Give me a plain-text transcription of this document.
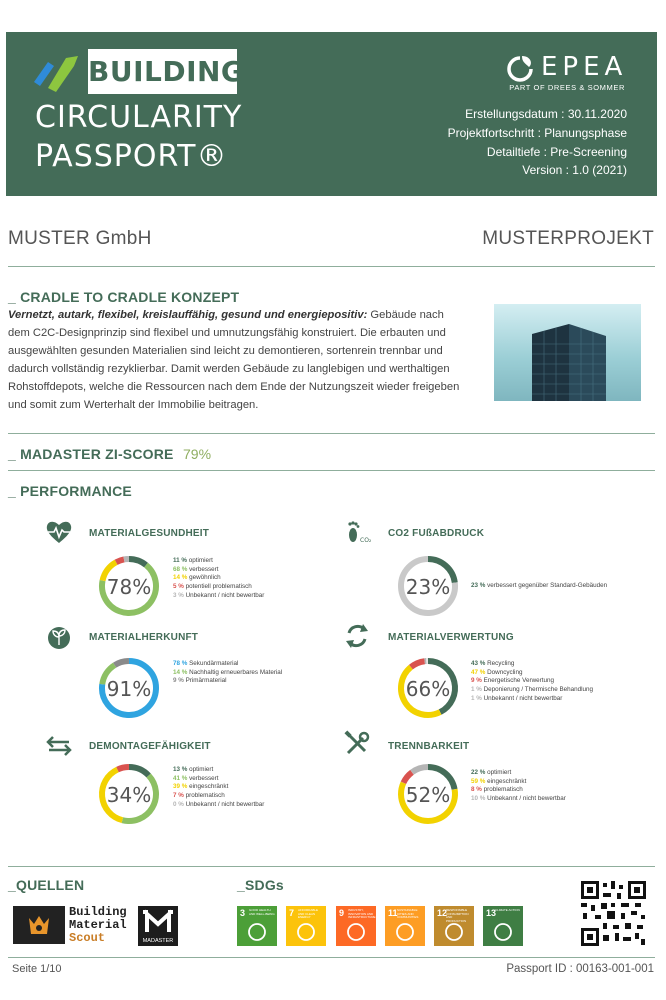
BUILDING
CIRCULARITY
PASSPORT®
EPEA
PART OF DREES & SOMMER
Erstellungsdatum : 30.11.2020
Projektfortschritt : Planungsphase
Detailtiefe : Pre-Screening
Version : 1.0 (2021)
MUSTER GmbH	MUSTERPROJEKT
_ CRADLE TO CRADLE KONZEPT
Vernetzt, autark, flexibel, kreislauffähig, gesund und energiepositiv: Gebäude nach dem C2C-Designprinzip sind flexibel und umnutzungsfähig konstruiert. Die erbauten und ausgewählten gesunden Materialien sind leicht zu demontieren, sortenrein trennbar und dadurch vollständig rezyklierbar. Damit werden Gebäude zu langlebigen und werthaltigen Rohstoffdepots, welche die Ressourcen nach dem Ende der Nutzungszeit wieder freigeben und somit zum Werterhalt der Immobilie beitragen.
_ MADASTER ZI-SCORE 79%
_ PERFORMANCE
MATERIALGESUNDHEIT
78%
11 % optimiert
68 % verbessert
14 % gewöhnlich
5 % potentiell problematisch
3 % Unbekannt / nicht bewertbar
CO₂
CO2 FUßABDRUCK
23%	23 % verbessert gegenüber Standard-Gebäuden
MATERIALHERKUNFT
91%
78 % Sekundärmaterial
14 % Nachhaltig erneuerbares Material
9 % Primärmaterial
MATERIALVERWERTUNG
66%
43 % Recycling
47 % Downcycling
9 % Energetische Verwertung
1 % Deponierung / Thermische Behandlung
1 % Unbekannt / nicht bewertbar
DEMONTAGEFÄHIGKEIT
34%
13 % optimiert
41 % verbessert
39 % eingeschränkt
7 % problematisch
0 % Unbekannt / nicht bewertbar
TRENNBARKEIT
52%
22 % optimiert
59 % eingeschränkt
8 % problematisch
10 % Unbekannt / nicht bewertbar
_QUELLEN	_SDGs
Building
Material
Scout	MADASTER
3 GOOD HEALTH AND WELL-BEING 7 AFFORDABLE AND CLEAN ENERGY	9 INDUSTRY, INNOVATION AND INFRASTRUCTURE 11 SUSTAINABLE CITIES AND COMMUNITIES	12
RESPONSIBLE CONSUMPTION AND PRODUCTION
13
CLIMATE ACTION
Seite 1/10	Passport ID : 00163-001-001
